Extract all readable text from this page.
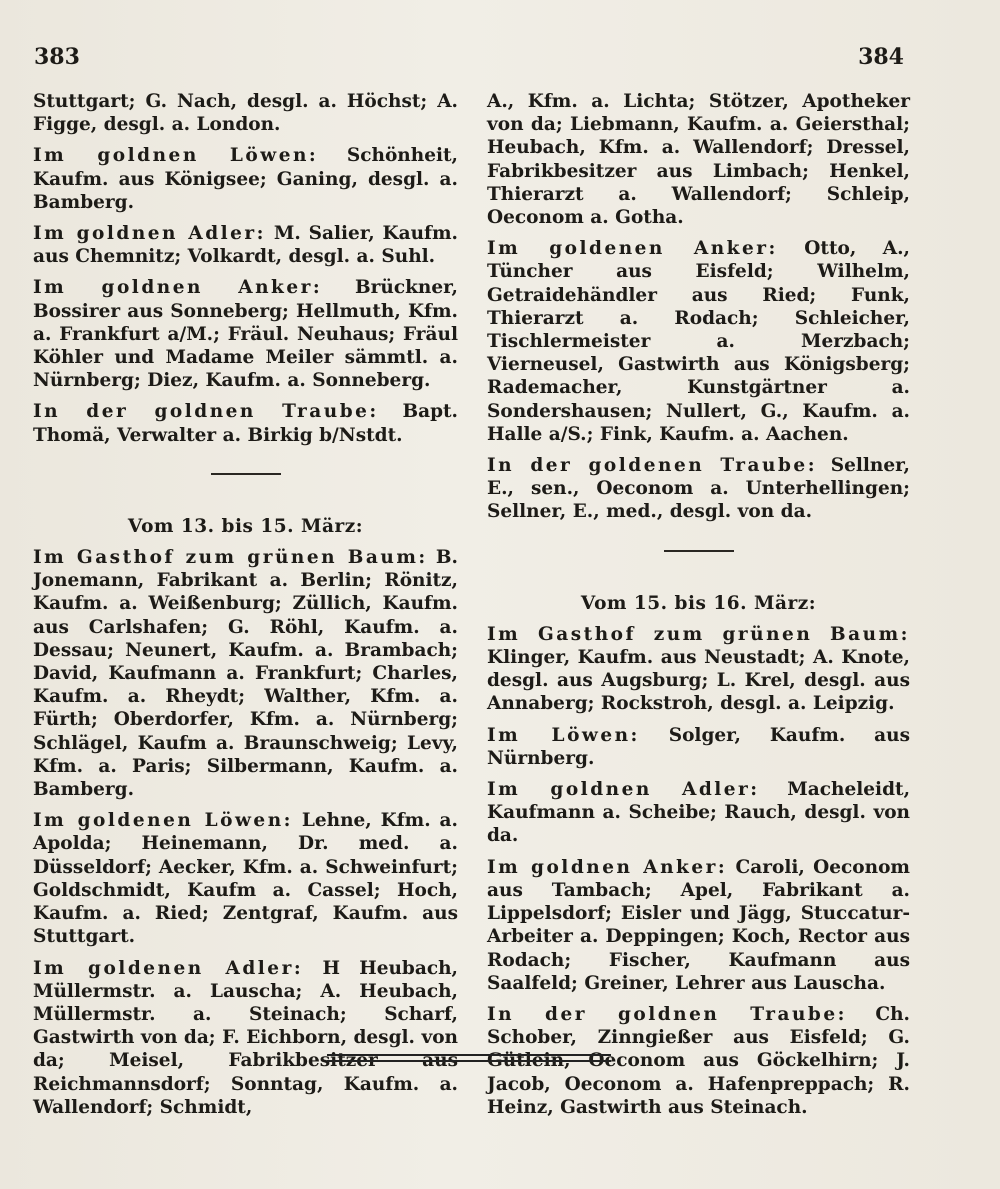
383	384

Stuttgart; G. Nach, desgl. a. Höchst; A. Figge, desgl. a. London.

Im goldnen Löwen: Schönheit, Kaufm. aus Königsee; Ganing, desgl. a. Bamberg.

Im goldnen Adler: M. Salier, Kaufm. aus Chemnitz; Volkardt, desgl. a. Suhl.

Im goldnen Anker: Brückner, Bossirer aus Sonneberg; Hellmuth, Kfm. a. Frankfurt a/M.; Fräul. Neuhaus; Fräul Köhler und Madame Meiler sämmtl. a. Nürnberg; Diez, Kaufm. a. Sonneberg.

In der goldnen Traube: Bapt. Thomä, Verwalter a. Birkig b/Nstdt.

Vom 13. bis 15. März:

Im Gasthof zum grünen Baum: B. Jonemann, Fabrikant a. Berlin; Rönitz, Kaufm. a. Weißenburg; Züllich, Kaufm. aus Carlshafen; G. Röhl, Kaufm. a. Dessau; Neunert, Kaufm. a. Brambach; David, Kaufmann a. Frankfurt; Charles, Kaufm. a. Rheydt; Walther, Kfm. a. Fürth; Oberdorfer, Kfm. a. Nürnberg; Schlägel, Kaufm a. Braunschweig; Levy, Kfm. a. Paris; Silbermann, Kaufm. a. Bamberg.

Im goldenen Löwen: Lehne, Kfm. a. Apolda; Heinemann, Dr. med. a. Düsseldorf; Aecker, Kfm. a. Schweinfurt; Goldschmidt, Kaufm a. Cassel; Hoch, Kaufm. a. Ried; Zentgraf, Kaufm. aus Stuttgart.

Im goldenen Adler: H Heubach, Müllermstr. a. Lauscha; A. Heubach, Müllermstr. a. Steinach; Scharf, Gastwirth von da; F. Eichborn, desgl. von da; Meisel, Fabrikbesitzer aus Reichmannsdorf; Sonntag, Kaufm. a. Wallendorf; Schmidt,

A., Kfm. a. Lichta; Stötzer, Apotheker von da; Liebmann, Kaufm. a. Geiersthal; Heubach, Kfm. a. Wallendorf; Dressel, Fabrikbesitzer aus Limbach; Henkel, Thierarzt a. Wallendorf; Schleip, Oeconom a. Gotha.

Im goldenen Anker: Otto, A., Tüncher aus Eisfeld; Wilhelm, Getraidehändler aus Ried; Funk, Thierarzt a. Rodach; Schleicher, Tischlermeister a. Merzbach; Vierneusel, Gastwirth aus Königsberg; Rademacher, Kunstgärtner a. Sondershausen; Nullert, G., Kaufm. a. Halle a/S.; Fink, Kaufm. a. Aachen.

In der goldenen Traube: Sellner, E., sen., Oeconom a. Unterhellingen; Sellner, E., med., desgl. von da.

Vom 15. bis 16. März:

Im Gasthof zum grünen Baum: Klinger, Kaufm. aus Neustadt; A. Knote, desgl. aus Augsburg; L. Krel, desgl. aus Annaberg; Rockstroh, desgl. a. Leipzig.

Im Löwen: Solger, Kaufm. aus Nürnberg.

Im goldnen Adler: Macheleidt, Kaufmann a. Scheibe; Rauch, desgl. von da.

Im goldnen Anker: Caroli, Oeconom aus Tambach; Apel, Fabrikant a. Lippelsdorf; Eisler und Jägg, Stuccatur-Arbeiter a. Deppingen; Koch, Rector aus Rodach; Fischer, Kaufmann aus Saalfeld; Greiner, Lehrer aus Lauscha.

In der goldnen Traube: Ch. Schober, Zinngießer aus Eisfeld; G. Gütlein, Oeconom aus Göckelhirn; J. Jacob, Oeconom a. Hafenpreppach; R. Heinz, Gastwirth aus Steinach.
